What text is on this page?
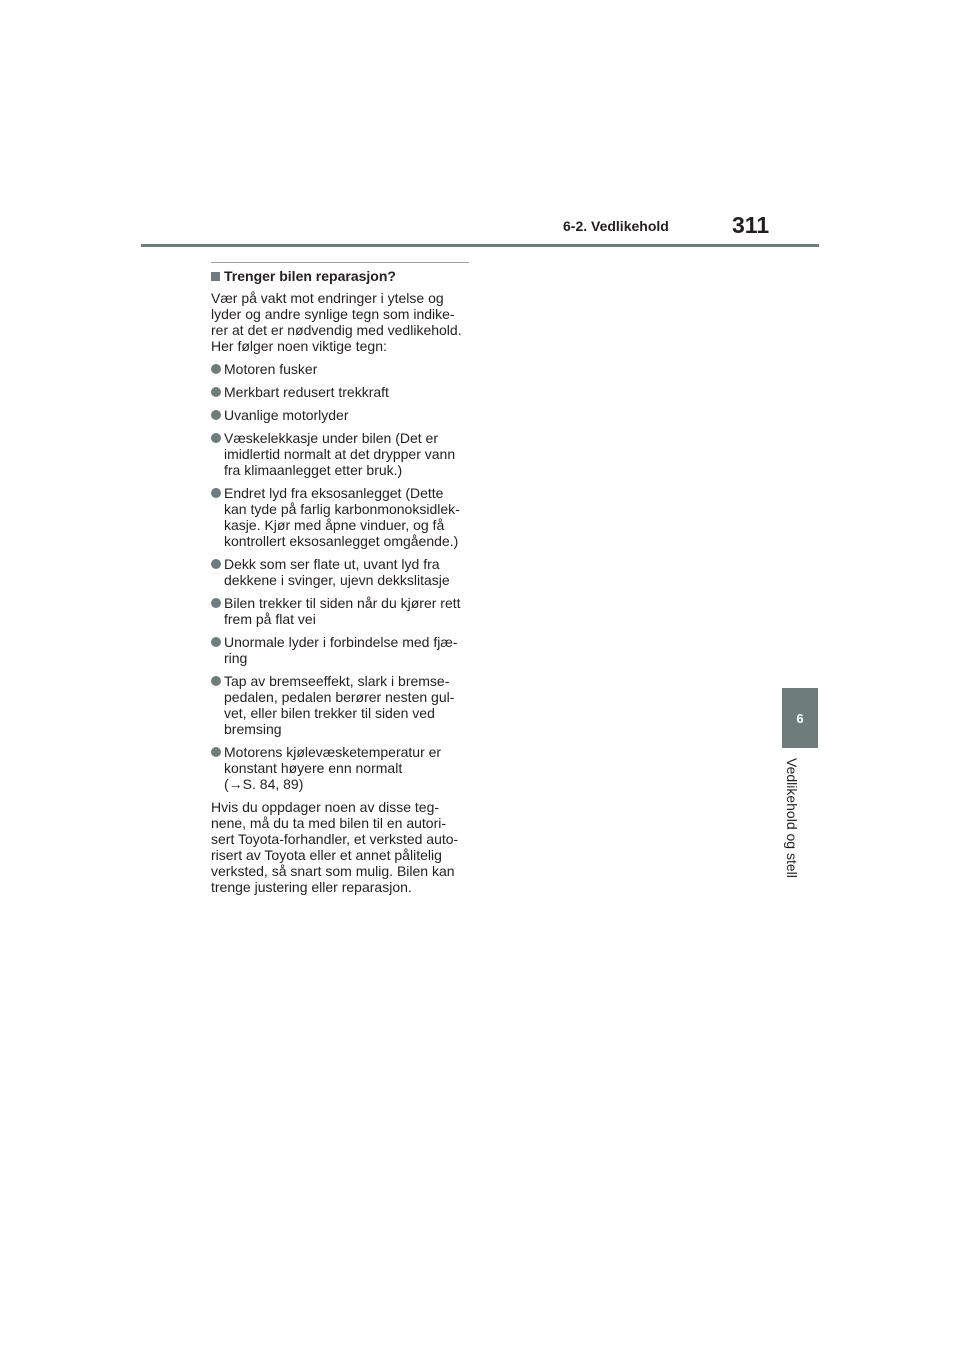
6-2. Vedlikehold	311
6
Vedlikehold og stell
Trenger bilen reparasjon?

Vær på vakt mot endringer i ytelse og
lyder og andre synlige tegn som indike-
rer at det er nødvendig med vedlikehold.
Her følger noen viktige tegn:

Motoren fusker
Merkbart redusert trekkraft
Uvanlige motorlyder
Væskelekkasje under bilen (Det er
imidlertid normalt at det drypper vann
fra klimaanlegget etter bruk.)
Endret lyd fra eksosanlegget (Dette
kan tyde på farlig karbonmonoksidlek-
kasje. Kjør med åpne vinduer, og få
kontrollert eksosanlegget omgående.)
Dekk som ser flate ut, uvant lyd fra
dekkene i svinger, ujevn dekkslitasje
Bilen trekker til siden når du kjører rett
frem på flat vei
Unormale lyder i forbindelse med fjæ-
ring
Tap av bremseeffekt, slark i bremse-
pedalen, pedalen berører nesten gul-
vet, eller bilen trekker til siden ved
bremsing
Motorens kjølevæsketemperatur er
konstant høyere enn normalt
(→S. 84, 89)

Hvis du oppdager noen av disse teg-
nene, må du ta med bilen til en autori-
sert Toyota-forhandler, et verksted auto-
risert av Toyota eller et annet pålitelig
verksted, så snart som mulig. Bilen kan
trenge justering eller reparasjon.
